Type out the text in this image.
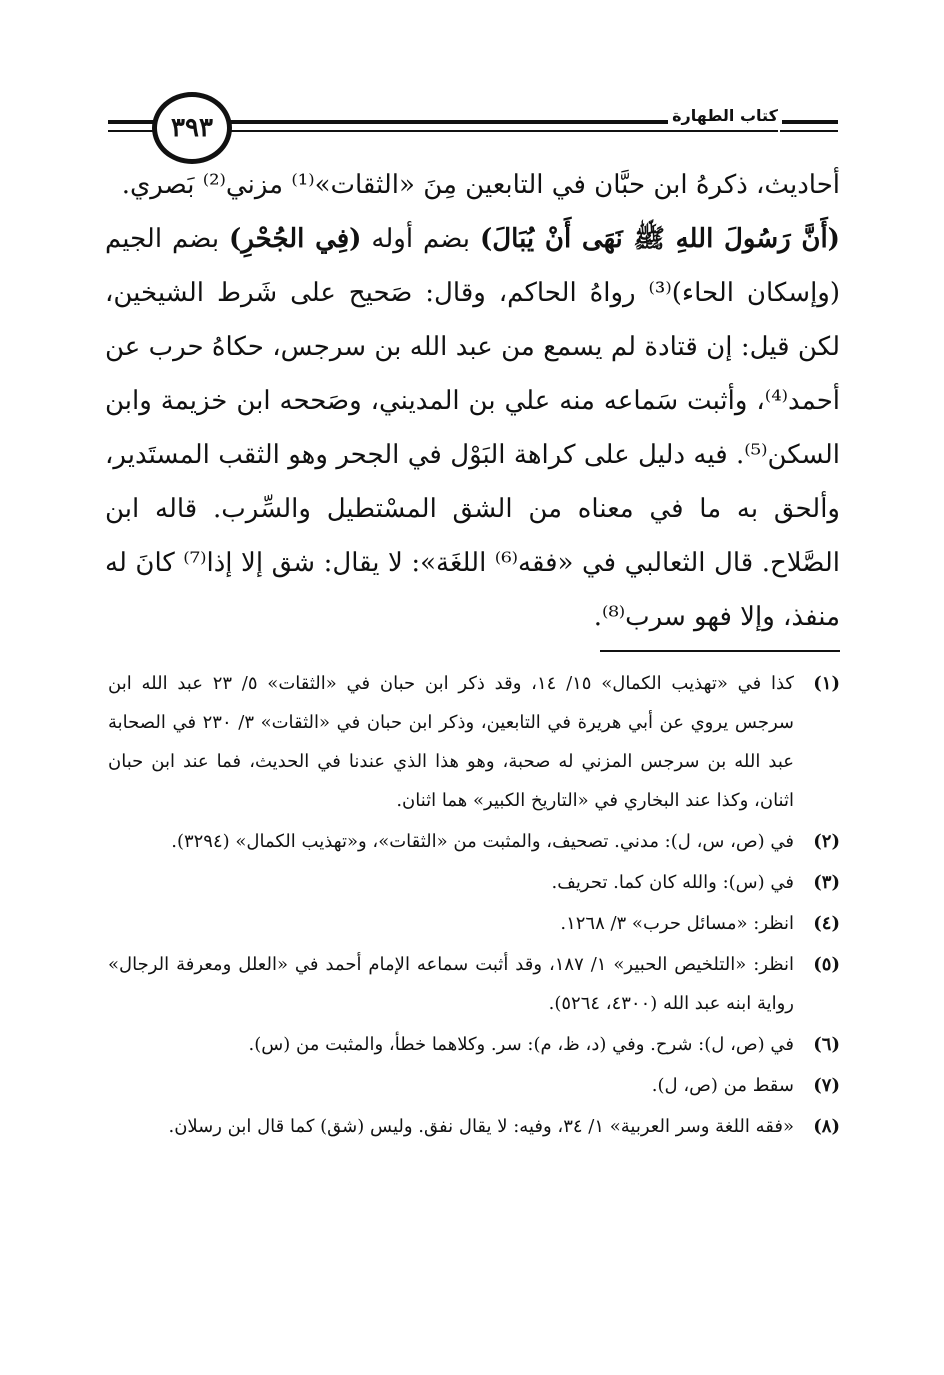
٣٩٣	كتاب الطهارة

أحاديث، ذكرهُ ابن حبَّان في التابعين مِنَ «الثقات»⁽¹⁾ مزني⁽²⁾ بَصري.

(أَنَّ رَسُولَ اللهِ ﷺ نَهَى أَنْ يُبَالَ) بضم أوله (فِي الجُحْرِ) بضم الجيم (وإسكان الحاء)⁽³⁾ رواهُ الحاكم، وقال: صَحيح على شَرط الشيخين، لكن قيل: إن قتادة لم يسمع من عبد الله بن سرجس، حكاهُ حرب عن أحمد⁽⁴⁾، وأثبت سَماعه منه علي بن المديني، وصَححه ابن خزيمة وابن السكن⁽⁵⁾. فيه دليل على كراهة البَوْل في الجحر وهو الثقب المستَدير، وألحق به ما في معناه من الشق المسْتطيل والسِّرب. قاله ابن الصَّلاح. قال الثعالبي في «فقه⁽⁶⁾ اللغَة»: لا يقال: شق إلا إذا⁽⁷⁾ كانَ له منفذ، وإلا فهو سرب⁽⁸⁾.

(١)
كذا في «تهذيب الكمال» ١٥/ ١٤، وقد ذكر ابن حبان في «الثقات» ٥/ ٢٣ عبد الله ابن سرجس يروي عن أبي هريرة في التابعين، وذكر ابن حبان في «الثقات» ٣/ ٢٣٠ في الصحابة عبد الله بن سرجس المزني له صحبة، وهو هذا الذي عندنا في الحديث، فما عند ابن حبان اثنان، وكذا عند البخاري في «التاريخ الكبير» هما اثنان.
(٢)
في (ص، س، ل): مدني. تصحيف، والمثبت من «الثقات»، و«تهذيب الكمال» (٣٢٩٤).
(٣)
في (س): والله كان كما. تحريف.
(٤)
انظر: «مسائل حرب» ٣/ ١٢٦٨.
(٥)
انظر: «التلخيص الحبير» ١/ ١٨٧، وقد أثبت سماعه الإمام أحمد في «العلل ومعرفة الرجال» رواية ابنه عبد الله (٤٣٠٠، ٥٢٦٤).
(٦)
في (ص، ل): شرح. وفي (د، ظ، م): سر. وكلاهما خطأ، والمثبت من (س).
(٧)
سقط من (ص، ل).
(٨)
«فقه اللغة وسر العربية» ١/ ٣٤، وفيه: لا يقال نفق. وليس (شق) كما قال ابن رسلان.
